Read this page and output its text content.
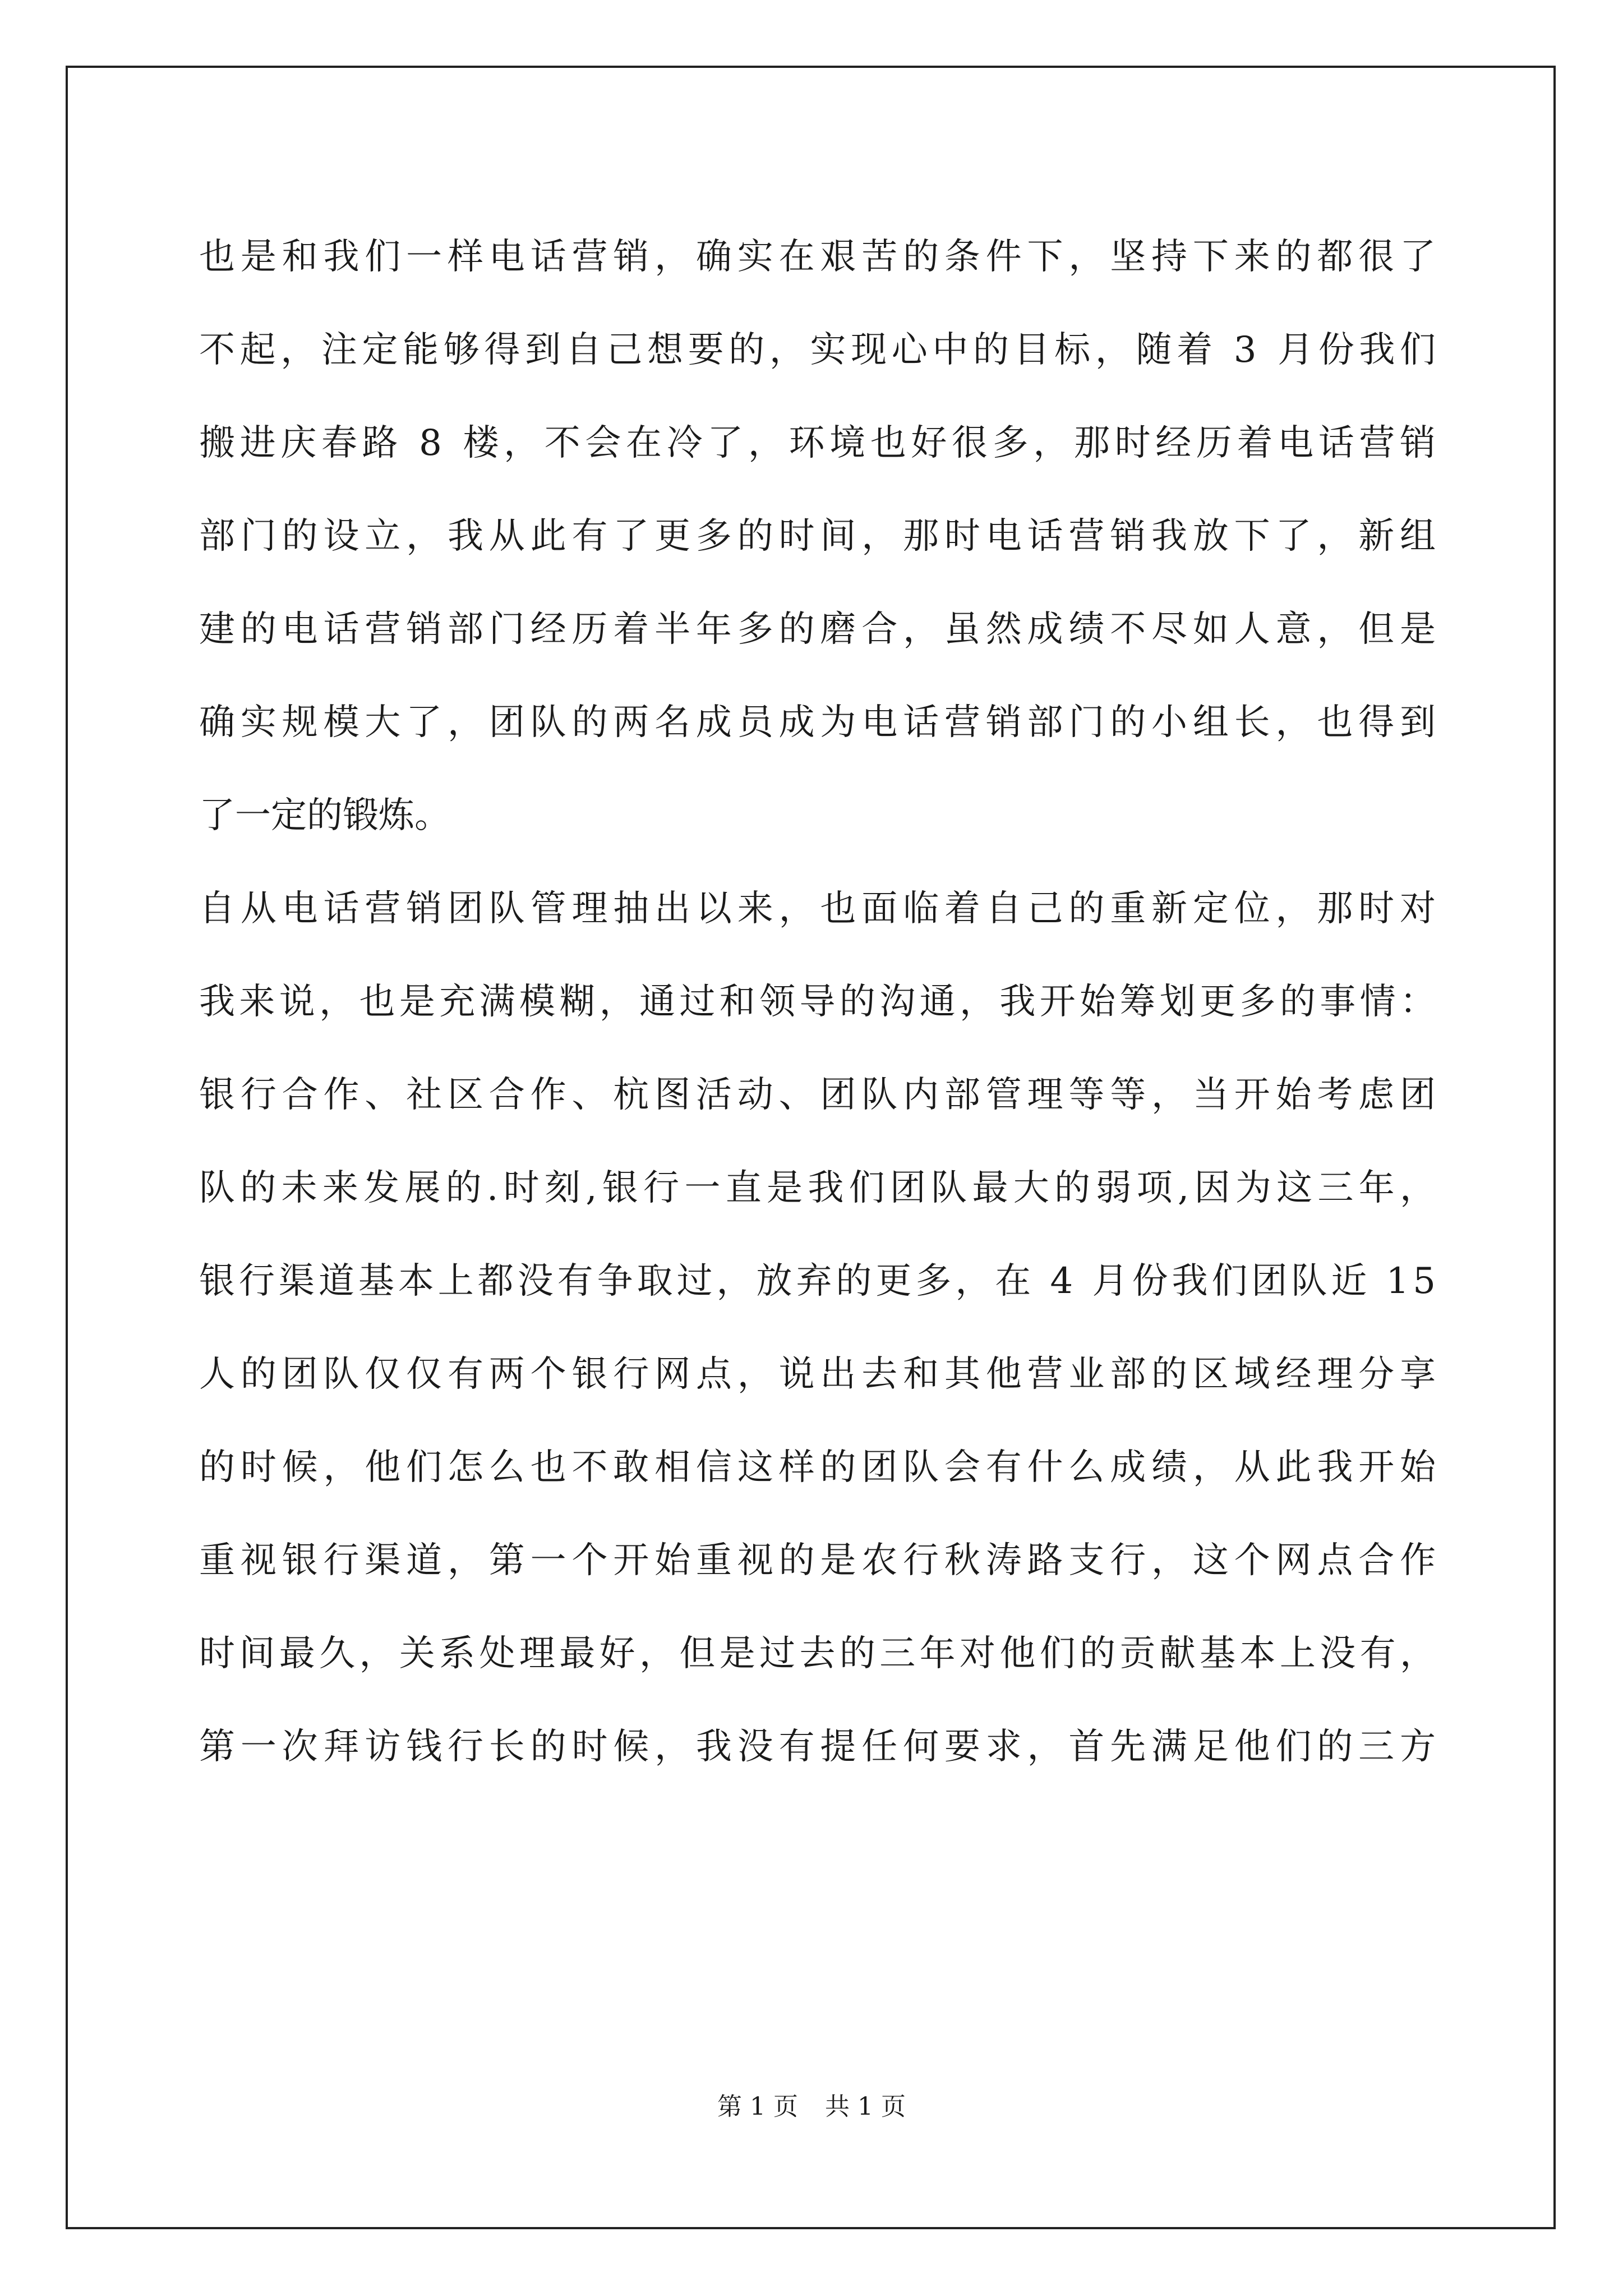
也是和我们一样电话营销，确实在艰苦的条件下，坚持下来的都很了
不起，注定能够得到自己想要的，实现心中的目标，随着 3 月份我们
搬进庆春路 8 楼，不会在冷了，环境也好很多，那时经历着电话营销
部门的设立，我从此有了更多的时间，那时电话营销我放下了，新组
建的电话营销部门经历着半年多的磨合，虽然成绩不尽如人意，但是
确实规模大了，团队的两名成员成为电话营销部门的小组长，也得到
了一定的锻炼。
自从电话营销团队管理抽出以来，也面临着自己的重新定位，那时对
我来说，也是充满模糊，通过和领导的沟通，我开始筹划更多的事情：
银行合作、社区合作、杭图活动、团队内部管理等等，当开始考虑团
队的未来发展的.时刻,银行一直是我们团队最大的弱项,因为这三年，
银行渠道基本上都没有争取过，放弃的更多，在 4 月份我们团队近 15
人的团队仅仅有两个银行网点，说出去和其他营业部的区域经理分享
的时候，他们怎么也不敢相信这样的团队会有什么成绩，从此我开始
重视银行渠道，第一个开始重视的是农行秋涛路支行，这个网点合作
时间最久，关系处理最好，但是过去的三年对他们的贡献基本上没有，
第一次拜访钱行长的时候，我没有提任何要求，首先满足他们的三方
第 1 页 共 1 页
